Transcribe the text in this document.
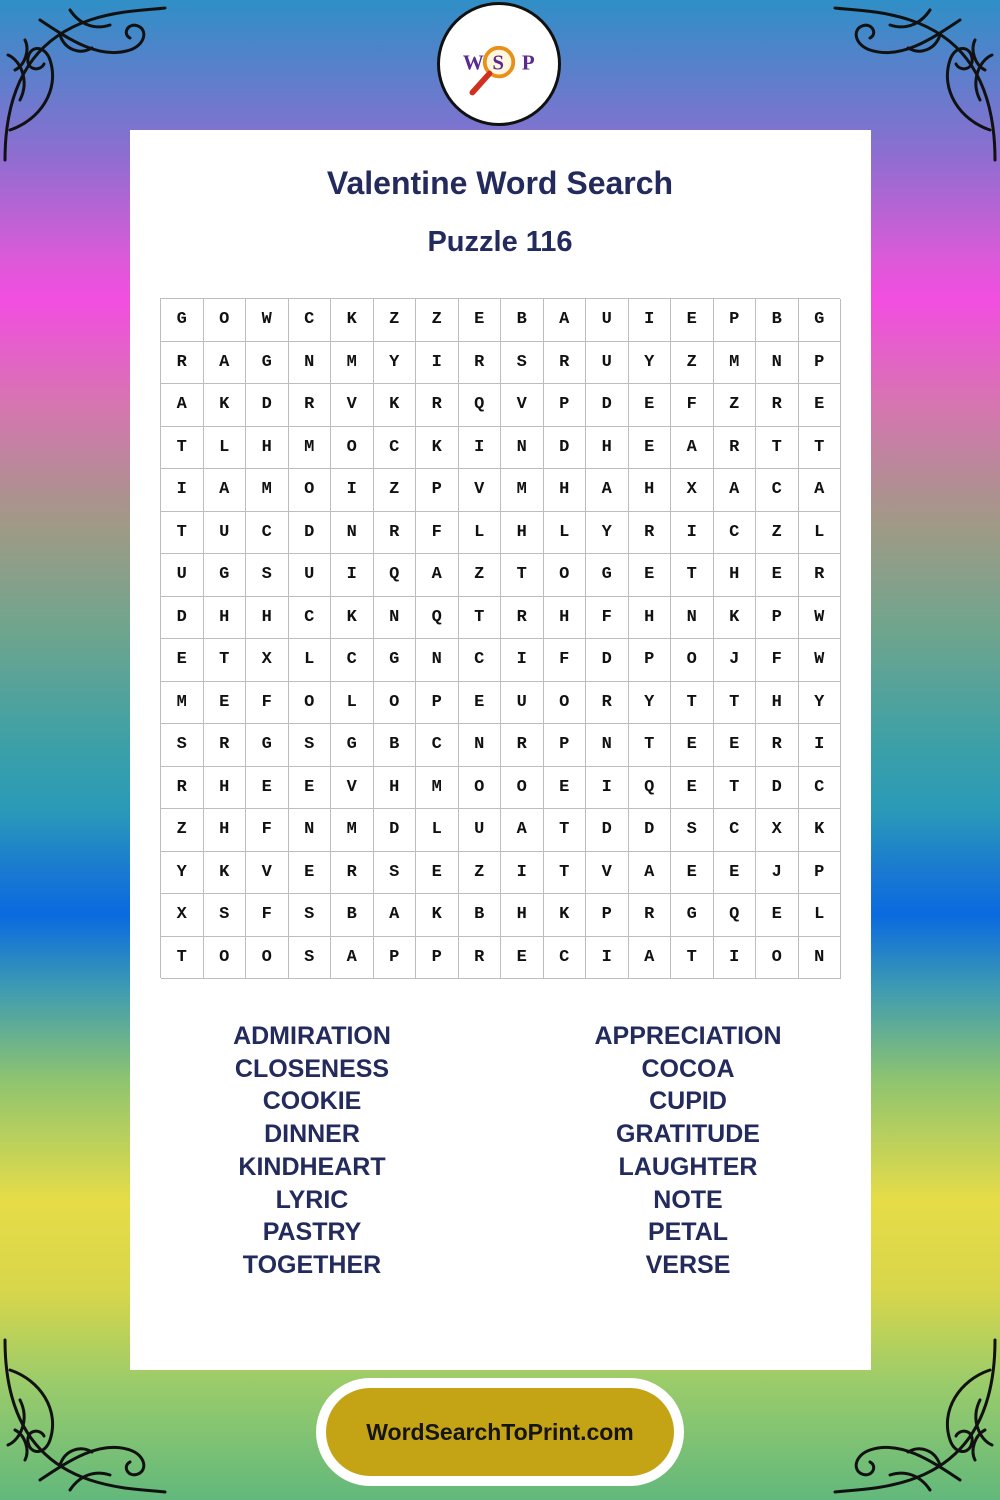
W S P
Valentine Word Search
Puzzle 116
G	O	W	C	K	Z	Z	E	B	A	U	I	E	P	B	G
R	A	G	N	M	Y	I	R	S	R	U	Y	Z	M	N	P
A	K	D	R	V	K	R	Q	V	P	D	E	F	Z	R	E
T	L	H	M	O	C	K	I	N	D	H	E	A	R	T	T
I	A	M	O	I	Z	P	V	M	H	A	H	X	A	C	A
T	U	C	D	N	R	F	L	H	L	Y	R	I	C	Z	L
U	G	S	U	I	Q	A	Z	T	O	G	E	T	H	E	R
D	H	H	C	K	N	Q	T	R	H	F	H	N	K	P	W
E	T	X	L	C	G	N	C	I	F	D	P	O	J	F	W
M	E	F	O	L	O	P	E	U	O	R	Y	T	T	H	Y
S	R	G	S	G	B	C	N	R	P	N	T	E	E	R	I
R	H	E	E	V	H	M	O	O	E	I	Q	E	T	D	C
Z	H	F	N	M	D	L	U	A	T	D	D	S	C	X	K
Y	K	V	E	R	S	E	Z	I	T	V	A	E	E	J	P
X	S	F	S	B	A	K	B	H	K	P	R	G	Q	E	L
T	O	O	S	A	P	P	R	E	C	I	A	T	I	O	N
ADMIRATION
CLOSENESS
COOKIE
DINNER
KINDHEART
LYRIC
PASTRY
TOGETHER
APPRECIATION
COCOA
CUPID
GRATITUDE
LAUGHTER
NOTE
PETAL
VERSE
WordSearchToPrint.com
